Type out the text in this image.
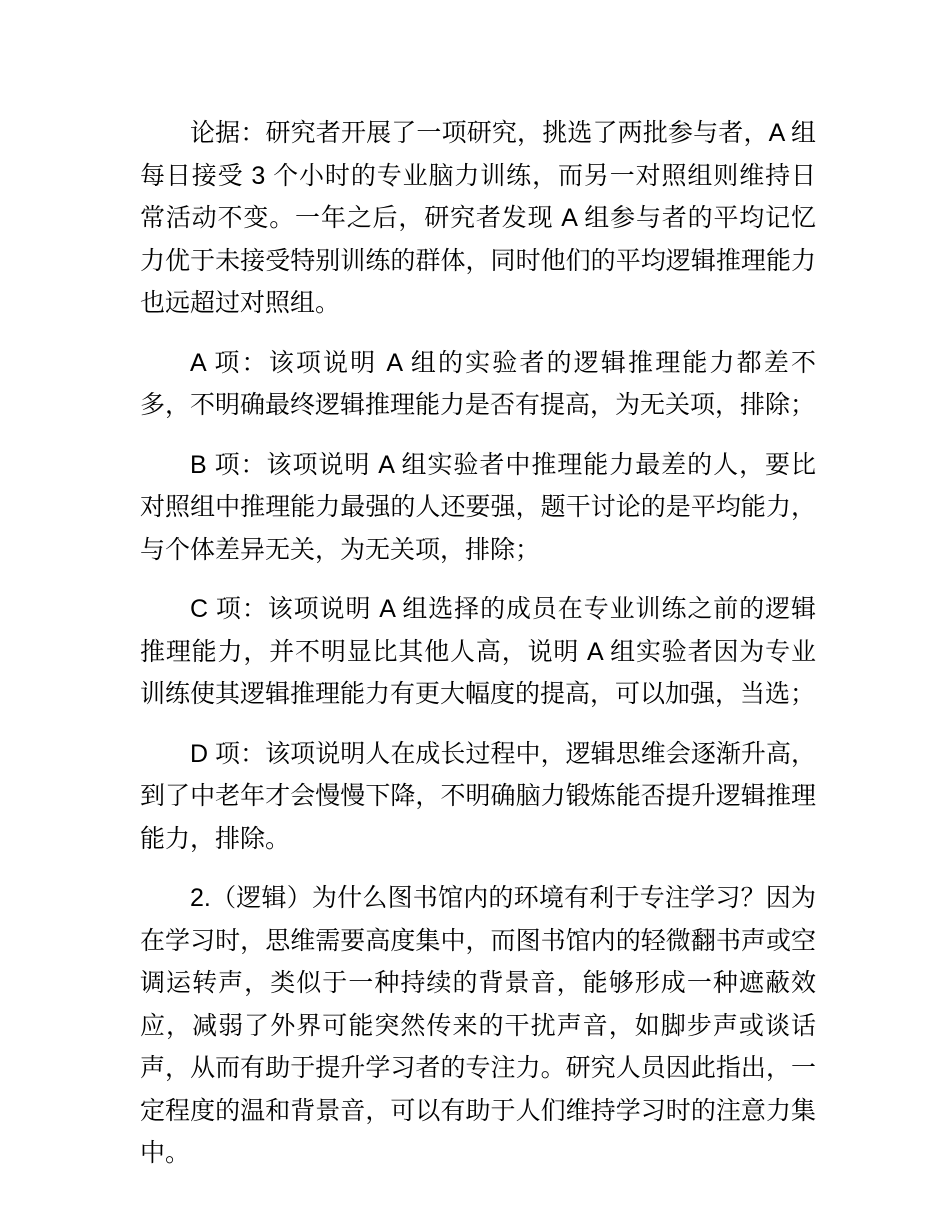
论据：研究者开展了一项研究，挑选了两批参与者，A 组每日接受 3 个小时的专业脑力训练，而另一对照组则维持日常活动不变。一年之后，研究者发现 A 组参与者的平均记忆力优于未接受特别训练的群体，同时他们的平均逻辑推理能力也远超过对照组。

A 项：该项说明 A 组的实验者的逻辑推理能力都差不多，不明确最终逻辑推理能力是否有提高，为无关项，排除；

B 项：该项说明 A 组实验者中推理能力最差的人，要比对照组中推理能力最强的人还要强，题干讨论的是平均能力，与个体差异无关，为无关项，排除；

C 项：该项说明 A 组选择的成员在专业训练之前的逻辑推理能力，并不明显比其他人高，说明 A 组实验者因为专业训练使其逻辑推理能力有更大幅度的提高，可以加强，当选；

D 项：该项说明人在成长过程中，逻辑思维会逐渐升高，到了中老年才会慢慢下降，不明确脑力锻炼能否提升逻辑推理能力，排除。

2.（逻辑）为什么图书馆内的环境有利于专注学习？因为在学习时，思维需要高度集中，而图书馆内的轻微翻书声或空调运转声，类似于一种持续的背景音，能够形成一种遮蔽效应，减弱了外界可能突然传来的干扰声音，如脚步声或谈话声，从而有助于提升学习者的专注力。研究人员因此指出，一定程度的温和背景音，可以有助于人们维持学习时的注意力集中。
